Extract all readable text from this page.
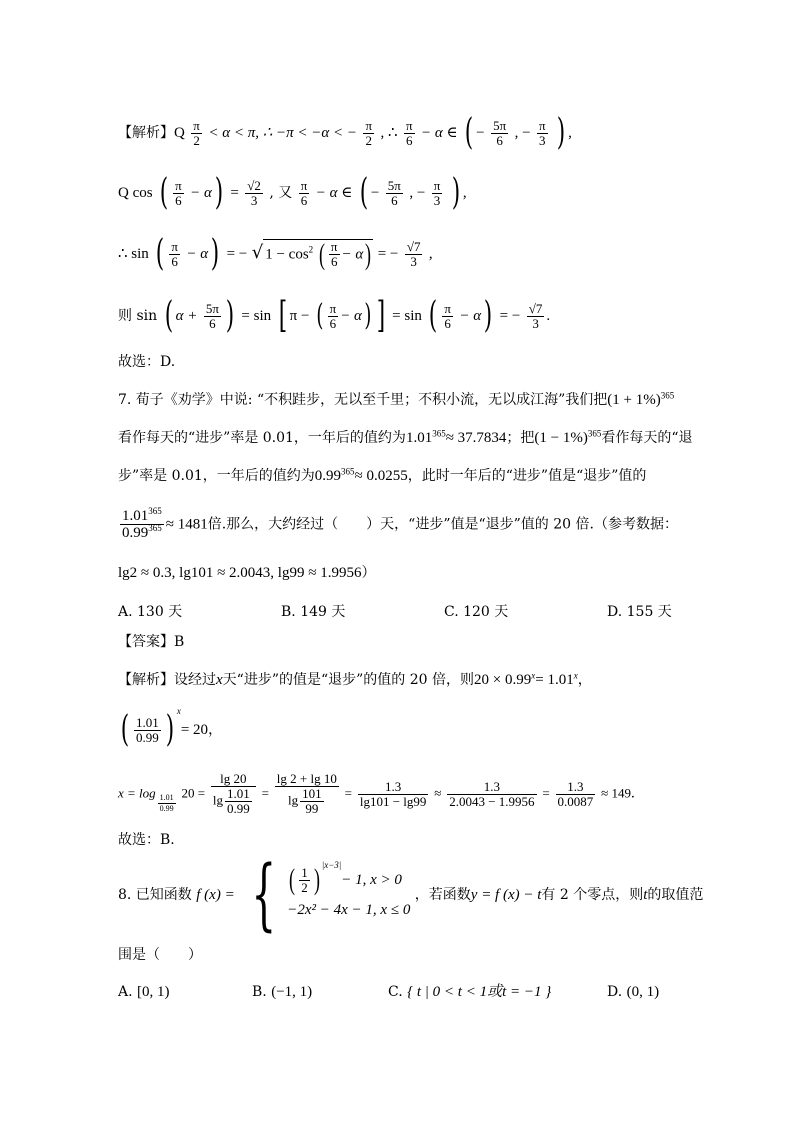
【解析】Q $\frac{\pi}{2} < \alpha < \pi$, ∴ −π < −α < − $\frac{\pi}{2}$ , ∴ $\frac{\pi}{6} - \alpha$ ∈ ( − $\frac{5\pi}{6}$ , − $\frac{\pi}{3}$ ) ,
Q cos ( $\frac{\pi}{6} - \alpha) = \frac{√2}{3}$ , 又 $\frac{\pi}{6} - \alpha$ ∈ ( − $\frac{5\pi}{6}$ , − $\frac{\pi}{3}$ ) ,
∴ sin ( $\frac{\pi}{6} - \alpha$) = − √ $1 - \cos^2$ ( $\frac{\pi}{6} - \alpha$) = − $\frac{√7}{3}$ ,
则 sin ( $\alpha + \frac{5\pi}{6}$ ) = sin [ π − ( $\frac{\pi}{6} - \alpha$) ] = sin ( $\frac{\pi}{6} - \alpha$) = − $\frac{√7}{3}$ .
故选：D.
7. 荀子《劝学》中说: “不积跬步，无以至千里；不积小流，无以成江海”我们把$(1 + 1\%)^{365}$
看作每天的“进步”率是 0.01，一年后的值约为$1.01^{365}\approx 37.7834$；把$(1 - 1\%)^{365}$看作每天的“退
步”率是 0.01，一年后的值约为$0.99^{365}\approx 0.0255$，此时一年后的“进步”值是“退步”值的
$\frac{1.01^{365}}{0.99^{365}} \approx 1481$倍.那么，大约经过（　　）天，“进步”值是“退步”值的 20 倍.（参考数据：
lg2 ≈ 0.3, lg101 ≈ 2.0043, lg99 ≈ 1.9956）
A. 130 天	B. 149 天	C. 120 天	D. 155 天
【答案】B
【解析】设经过x天“进步”的值是“退步”的值的 20 倍，则$20 \times 0.99^x= 1.01^x$，
( $\frac{1.01}{0.99}$ ) $^x$= 20，
x = log $_{\frac{1.01}{0.99}}$ $20 = \frac{\lg 20}{\lg \frac{1.01}{0.99}} = \frac{\lg 2 + \lg 10}{\lg \frac{101}{99}} = \frac{1.3}{\lg 101 - \lg 99} \approx \frac{1.3}{2.0043 - 1.9956} = \frac{1.3}{0.0087} \approx 149$.
故选：B.
8. 已知函数 f (x) = { ( $\frac{1}{2}$ ) $^{|x-3|}$− 1, x > 0
−2x² − 4x − 1, x ≤ 0
，若函数y = f (x) − t有 2 个零点，则t的取值范
围是（　　）
A. [0, 1)	B. (−1, 1)	C. { t | 0 < t < 1或t = −1 }	D. (0, 1)
